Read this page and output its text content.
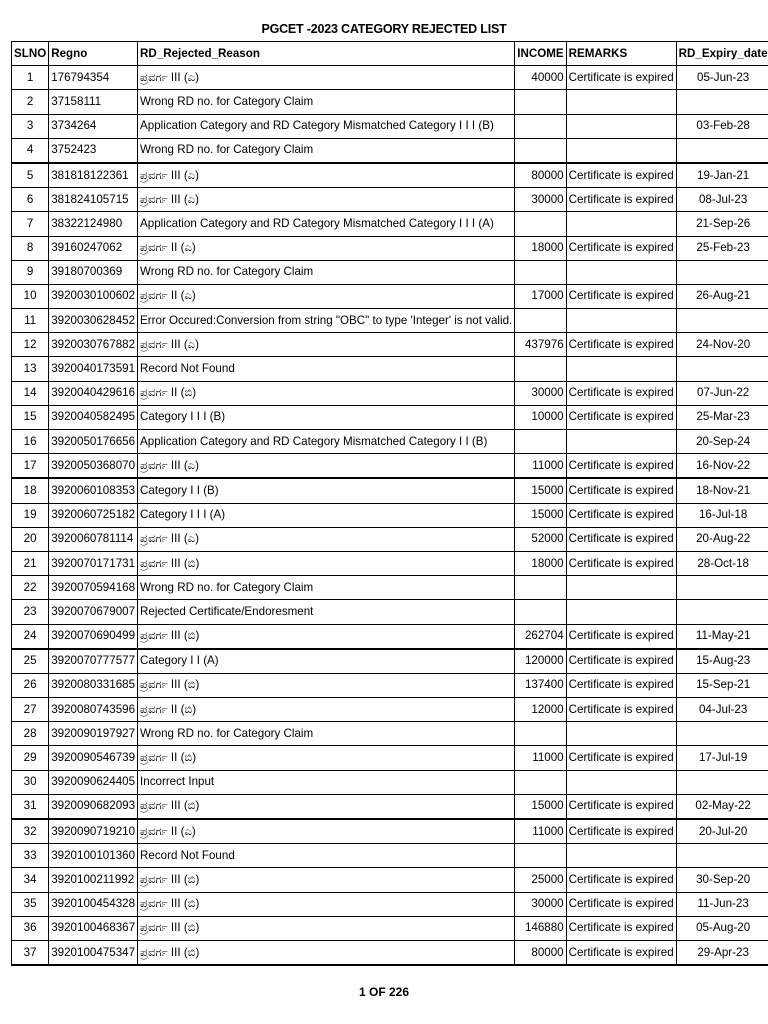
PGCET -2023 CATEGORY REJECTED LIST
SLNO	Regno	RD_Rejected_Reason	INCOME	REMARKS	RD_Expiry_date
1	176794354	ಪ್ರವರ್ಗ III (ಎ)	40000	Certificate is expired	05-Jun-23
2	37158111	Wrong RD no. for Category Claim			
3	3734264	Application Category and RD Category Mismatched Category I I I (B)			03-Feb-28
4	3752423	Wrong RD no. for Category Claim			
5	381818122361	ಪ್ರವರ್ಗ III (ಎ)	80000	Certificate is expired	19-Jan-21
6	381824105715	ಪ್ರವರ್ಗ III (ಎ)	30000	Certificate is expired	08-Jul-23
7	38322124980	Application Category and RD Category Mismatched Category I I I (A)			21-Sep-26
8	39160247062	ಪ್ರವರ್ಗ II (ಎ)	18000	Certificate is expired	25-Feb-23
9	39180700369	Wrong RD no. for Category Claim			
10	3920030100602	ಪ್ರವರ್ಗ II (ಎ)	17000	Certificate is expired	26-Aug-21
11	3920030628452	Error Occured:Conversion from string "OBC" to type 'Integer' is not valid.			
12	3920030767882	ಪ್ರವರ್ಗ III (ಎ)	437976	Certificate is expired	24-Nov-20
13	3920040173591	Record Not Found			
14	3920040429616	ಪ್ರವರ್ಗ II (ಬಿ)	30000	Certificate is expired	07-Jun-22
15	3920040582495	Category I I I (B)	10000	Certificate is expired	25-Mar-23
16	3920050176656	Application Category and RD Category Mismatched Category I I (B)			20-Sep-24
17	3920050368070	ಪ್ರವರ್ಗ III (ಎ)	11000	Certificate is expired	16-Nov-22
18	3920060108353	Category I I (B)	15000	Certificate is expired	18-Nov-21
19	3920060725182	Category I I I (A)	15000	Certificate is expired	16-Jul-18
20	3920060781114	ಪ್ರವರ್ಗ III (ಎ)	52000	Certificate is expired	20-Aug-22
21	3920070171731	ಪ್ರವರ್ಗ III (ಬಿ)	18000	Certificate is expired	28-Oct-18
22	3920070594168	Wrong RD no. for Category Claim			
23	3920070679007	Rejected Certificate/Endoresment			
24	3920070690499	ಪ್ರವರ್ಗ III (ಬಿ)	262704	Certificate is expired	11-May-21
25	3920070777577	Category I I (A)	120000	Certificate is expired	15-Aug-23
26	3920080331685	ಪ್ರವರ್ಗ III (ಬಿ)	137400	Certificate is expired	15-Sep-21
27	3920080743596	ಪ್ರವರ್ಗ II (ಬಿ)	12000	Certificate is expired	04-Jul-23
28	3920090197927	Wrong RD no. for Category Claim			
29	3920090546739	ಪ್ರವರ್ಗ II (ಬಿ)	11000	Certificate is expired	17-Jul-19
30	3920090624405	Incorrect Input			
31	3920090682093	ಪ್ರವರ್ಗ III (ಬಿ)	15000	Certificate is expired	02-May-22
32	3920090719210	ಪ್ರವರ್ಗ II (ಎ)	11000	Certificate is expired	20-Jul-20
33	3920100101360	Record Not Found			
34	3920100211992	ಪ್ರವರ್ಗ III (ಬಿ)	25000	Certificate is expired	30-Sep-20
35	3920100454328	ಪ್ರವರ್ಗ III (ಬಿ)	30000	Certificate is expired	11-Jun-23
36	3920100468367	ಪ್ರವರ್ಗ III (ಬಿ)	146880	Certificate is expired	05-Aug-20
37	3920100475347	ಪ್ರವರ್ಗ III (ಬಿ)	80000	Certificate is expired	29-Apr-23
1 OF 226
